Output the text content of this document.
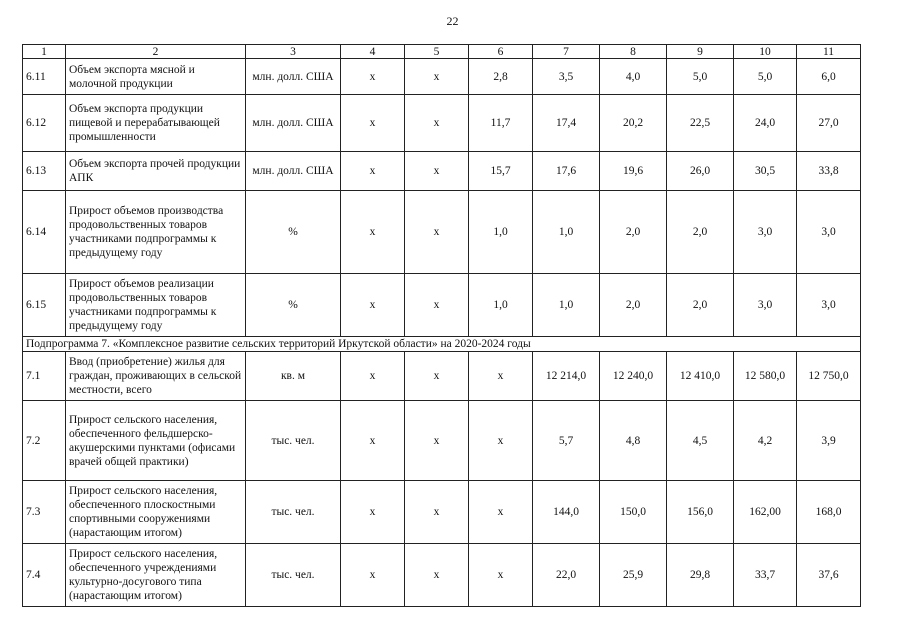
22
1	2	3	4	5	6	7	8	9	10	11
6.11	Объем экспорта мясной и молочной продукции	млн. долл. США	х	х	2,8	3,5	4,0	5,0	5,0	6,0
6.12	Объем экспорта продукции пищевой и перерабатывающей промышленности	млн. долл. США	х	х	11,7	17,4	20,2	22,5	24,0	27,0
6.13	Объем экспорта прочей продукции АПК	млн. долл. США	х	х	15,7	17,6	19,6	26,0	30,5	33,8
6.14	Прирост объемов производства продовольственных товаров участниками подпрограммы к предыдущему году	%	х	х	1,0	1,0	2,0	2,0	3,0	3,0
6.15	Прирост объемов реализации продовольственных товаров участниками подпрограммы к предыдущему году	%	х	х	1,0	1,0	2,0	2,0	3,0	3,0
Подпрограмма 7. «Комплексное развитие сельских территорий Иркутской области» на 2020-2024 годы										
7.1	Ввод (приобретение) жилья для граждан, проживающих в сельской местности, всего	кв. м	х	х	х	12 214,0	12 240,0	12 410,0	12 580,0	12 750,0
7.2	Прирост сельского населения, обеспеченного фельдшерско-акушерскими пунктами (офисами врачей общей практики)	тыс. чел.	х	х	х	5,7	4,8	4,5	4,2	3,9
7.3	Прирост сельского населения, обеспеченного плоскостными спортивными сооружениями (нарастающим итогом)	тыс. чел.	х	х	х	144,0	150,0	156,0	162,00	168,0
7.4	Прирост сельского населения, обеспеченного учреждениями культурно-досугового типа (нарастающим итогом)	тыс. чел.	х	х	х	22,0	25,9	29,8	33,7	37,6
